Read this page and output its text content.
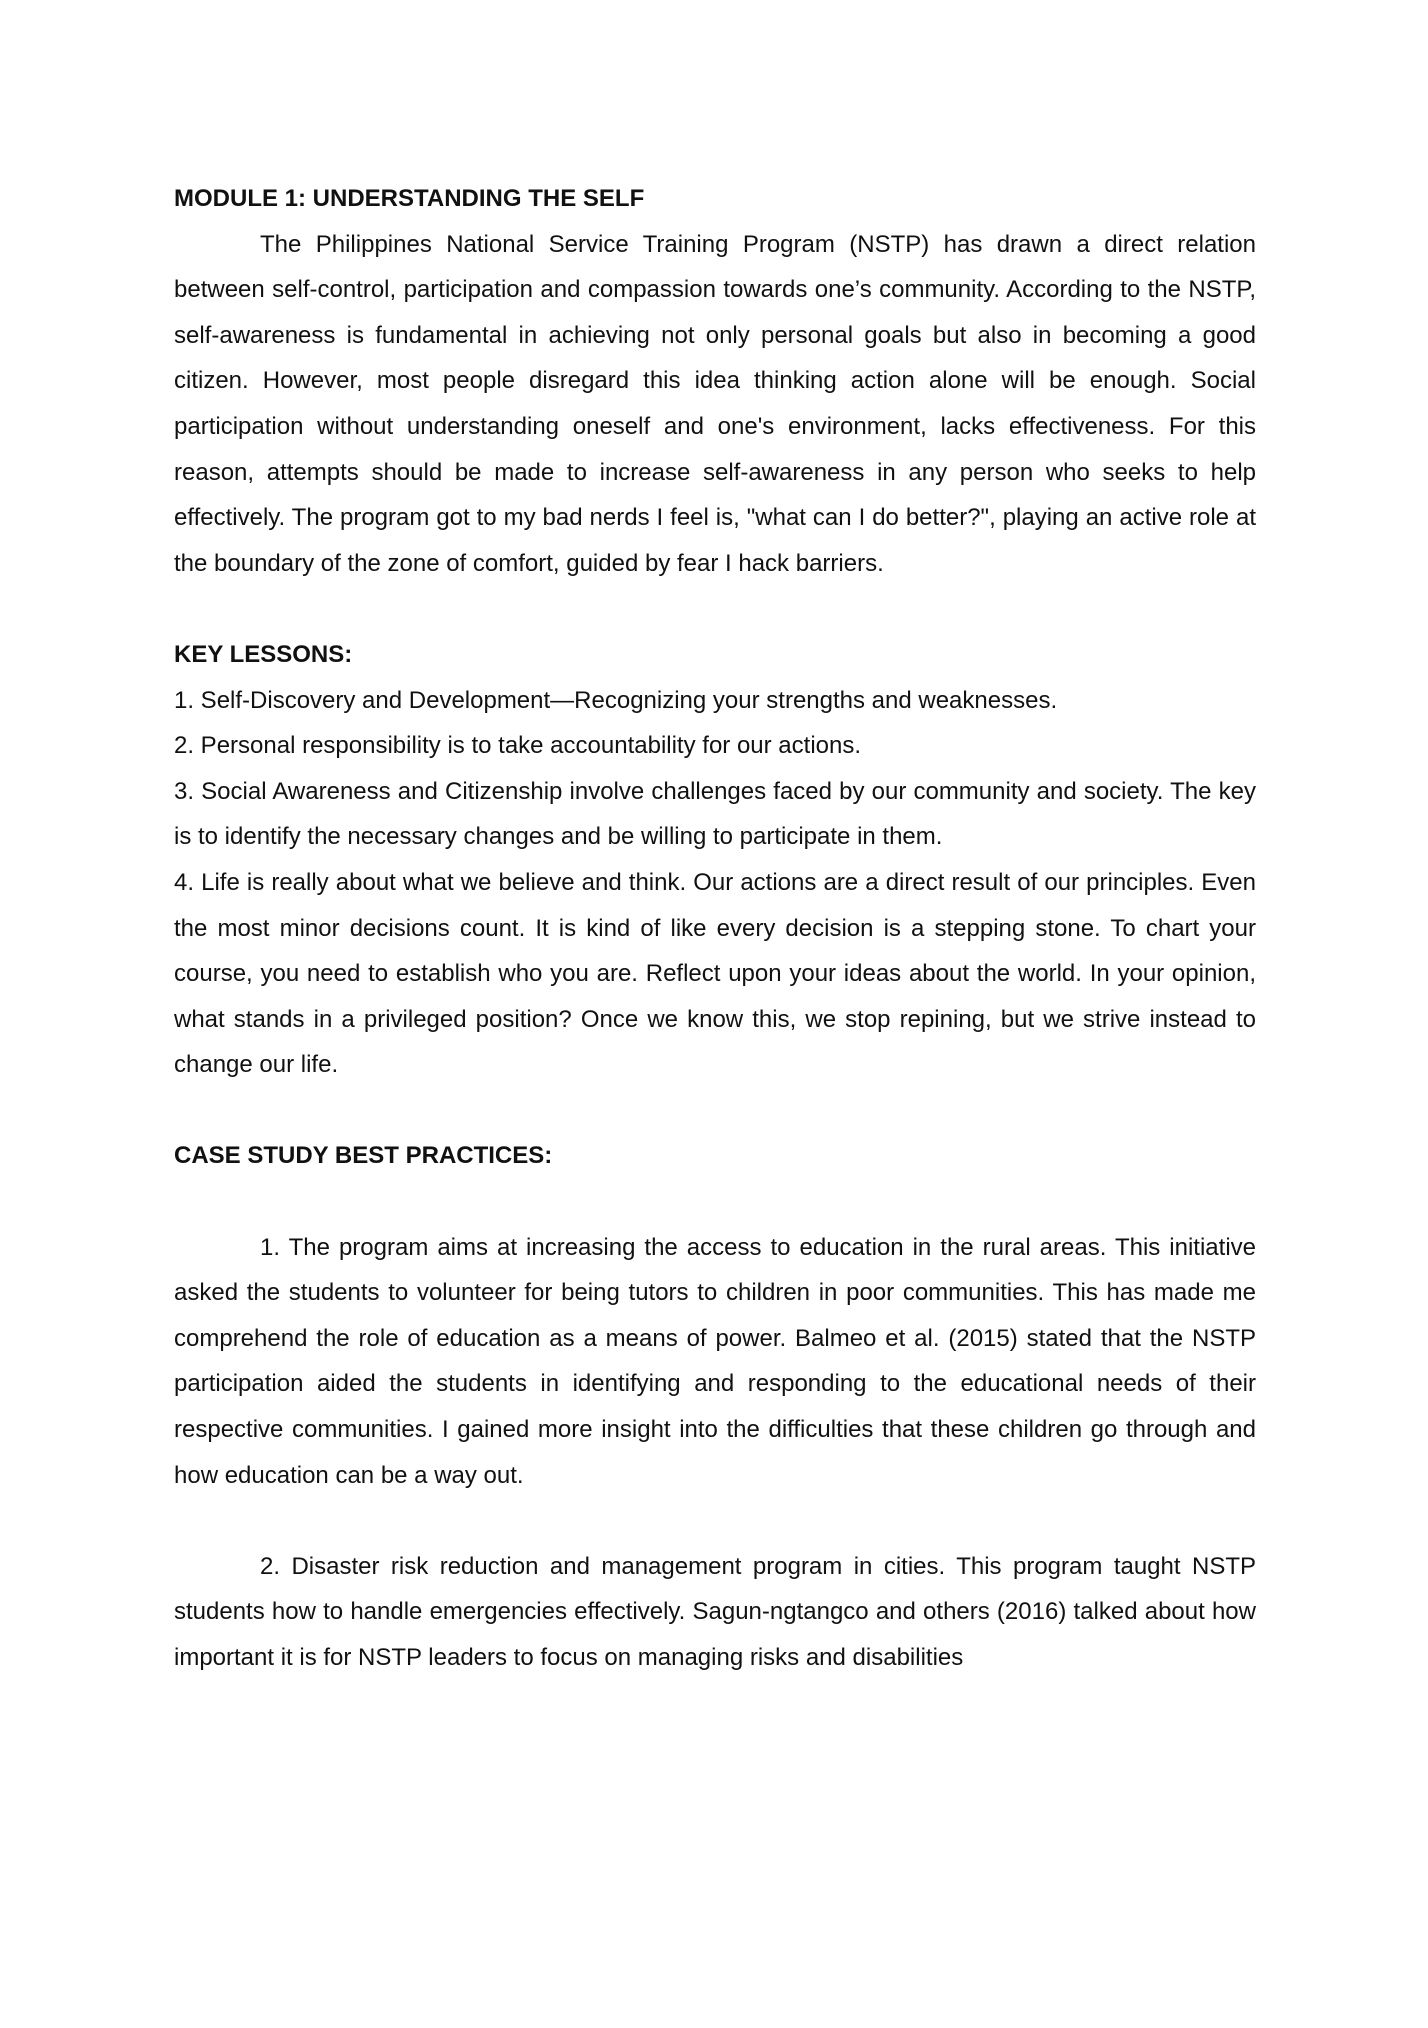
MODULE 1: UNDERSTANDING THE SELF

The Philippines National Service Training Program (NSTP) has drawn a direct relation between self-control, participation and compassion towards one’s community. According to the NSTP, self-awareness is fundamental in achieving not only personal goals but also in becoming a good citizen. However, most people disregard this idea thinking action alone will be enough. Social participation without understanding oneself and one's environment, lacks effectiveness. For this reason, attempts should be made to increase self-awareness in any person who seeks to help effectively. The program got to my bad nerds I feel is, "what can I do better?", playing an active role at the boundary of the zone of comfort, guided by fear I hack barriers.

KEY LESSONS:

1. Self-Discovery and Development—Recognizing your strengths and weaknesses.

2. Personal responsibility is to take accountability for our actions.

3. Social Awareness and Citizenship involve challenges faced by our community and society. The key is to identify the necessary changes and be willing to participate in them.

4. Life is really about what we believe and think. Our actions are a direct result of our principles. Even the most minor decisions count. It is kind of like every decision is a stepping stone. To chart your course, you need to establish who you are. Reflect upon your ideas about the world. In your opinion, what stands in a privileged position? Once we know this, we stop repining, but we strive instead to change our life.

CASE STUDY BEST PRACTICES:

1. The program aims at increasing the access to education in the rural areas. This initiative asked the students to volunteer for being tutors to children in poor communities. This has made me comprehend the role of education as a means of power. Balmeo et al. (2015) stated that the NSTP participation aided the students in identifying and responding to the educational needs of their respective communities. I gained more insight into the difficulties that these children go through and how education can be a way out.

2. Disaster risk reduction and management program in cities. This program taught NSTP students how to handle emergencies effectively. Sagun-ngtangco and others (2016) talked about how important it is for NSTP leaders to focus on managing risks and disabilities
